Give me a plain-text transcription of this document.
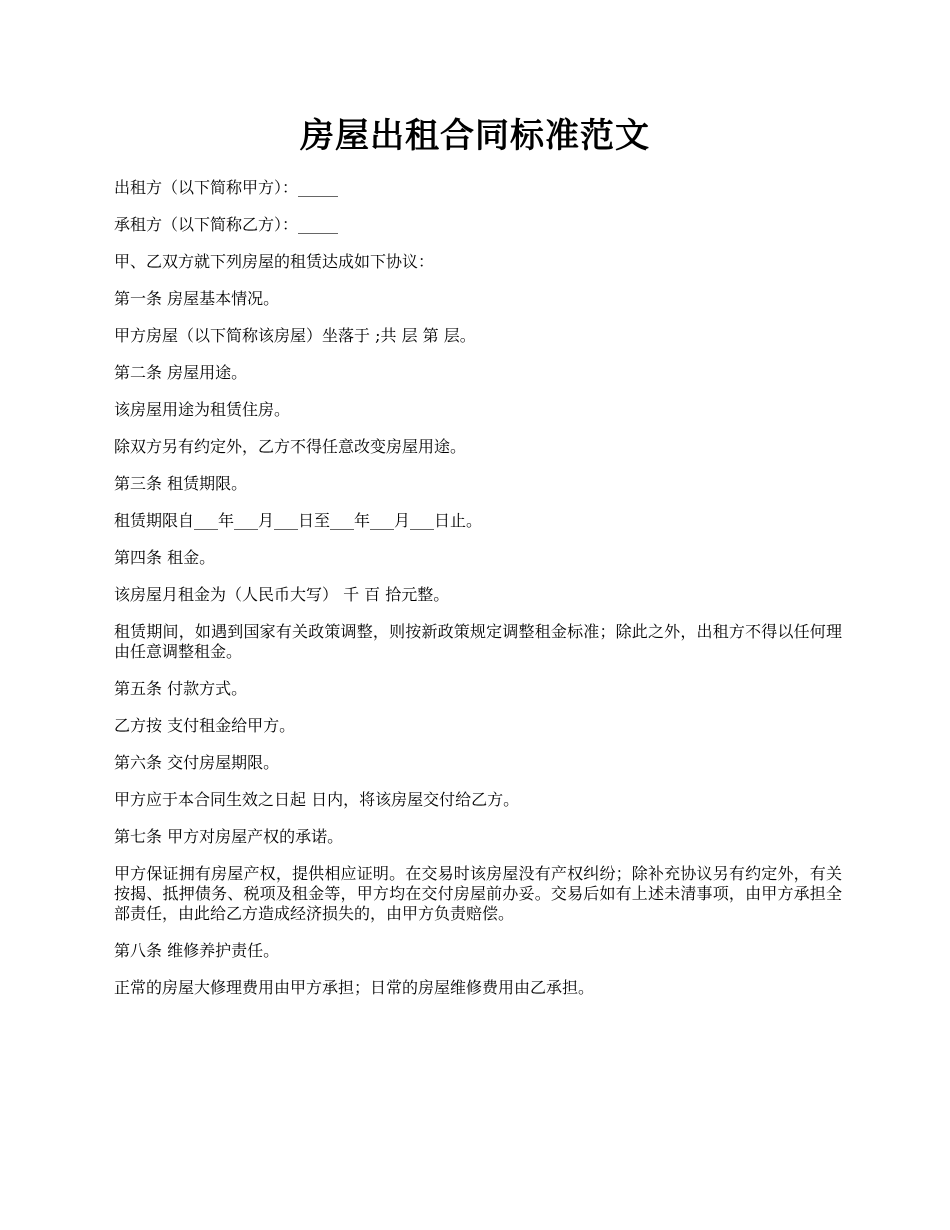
房屋出租合同标准范文

出租方（以下简称甲方）：_____

承租方（以下简称乙方）：_____

甲、乙双方就下列房屋的租赁达成如下协议：

第一条 房屋基本情况。

甲方房屋（以下简称该房屋）坐落于 ;共 层 第 层。

第二条 房屋用途。

该房屋用途为租赁住房。

除双方另有约定外，乙方不得任意改变房屋用途。

第三条 租赁期限。

租赁期限自___年___月___日至___年___月___日止。

第四条 租金。

该房屋月租金为（人民币大写） 千 百 拾元整。

租赁期间，如遇到国家有关政策调整，则按新政策规定调整租金标准；除此之外，出租方不得以任何理由任意调整租金。

第五条 付款方式。

乙方按 支付租金给甲方。

第六条 交付房屋期限。

甲方应于本合同生效之日起 日内，将该房屋交付给乙方。

第七条 甲方对房屋产权的承诺。

甲方保证拥有房屋产权，提供相应证明。在交易时该房屋没有产权纠纷；除补充协议另有约定外，有关按揭、抵押债务、税项及租金等，甲方均在交付房屋前办妥。交易后如有上述未清事项，由甲方承担全部责任，由此给乙方造成经济损失的，由甲方负责赔偿。

第八条 维修养护责任。

正常的房屋大修理费用由甲方承担；日常的房屋维修费用由乙承担。
